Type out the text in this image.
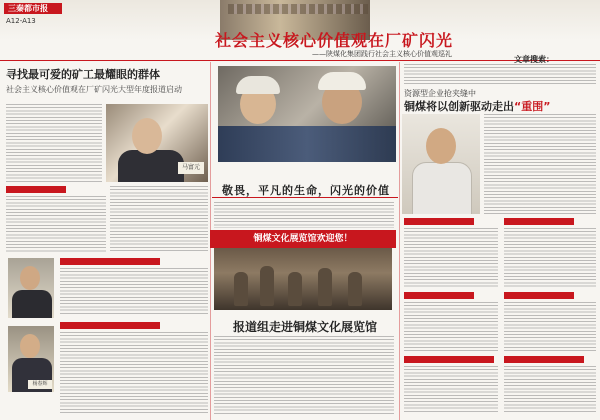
三秦都市报
A12-A13
社会主义核心价值观在厂矿闪光
——陕煤化集团践行社会主义核心价值观巡礼
寻找最可爱的矿工最耀眼的群体
社会主义核心价值观在厂矿闪光大型年度报道启动
马富元
杨春辉
敬畏，平凡的生命，闪光的价值
铜煤文化展览馆欢迎您！
报道组走进铜煤文化展览馆
文章搜索：
资源型企业抢夹缝中
铜煤将以创新驱动走出“重围”
